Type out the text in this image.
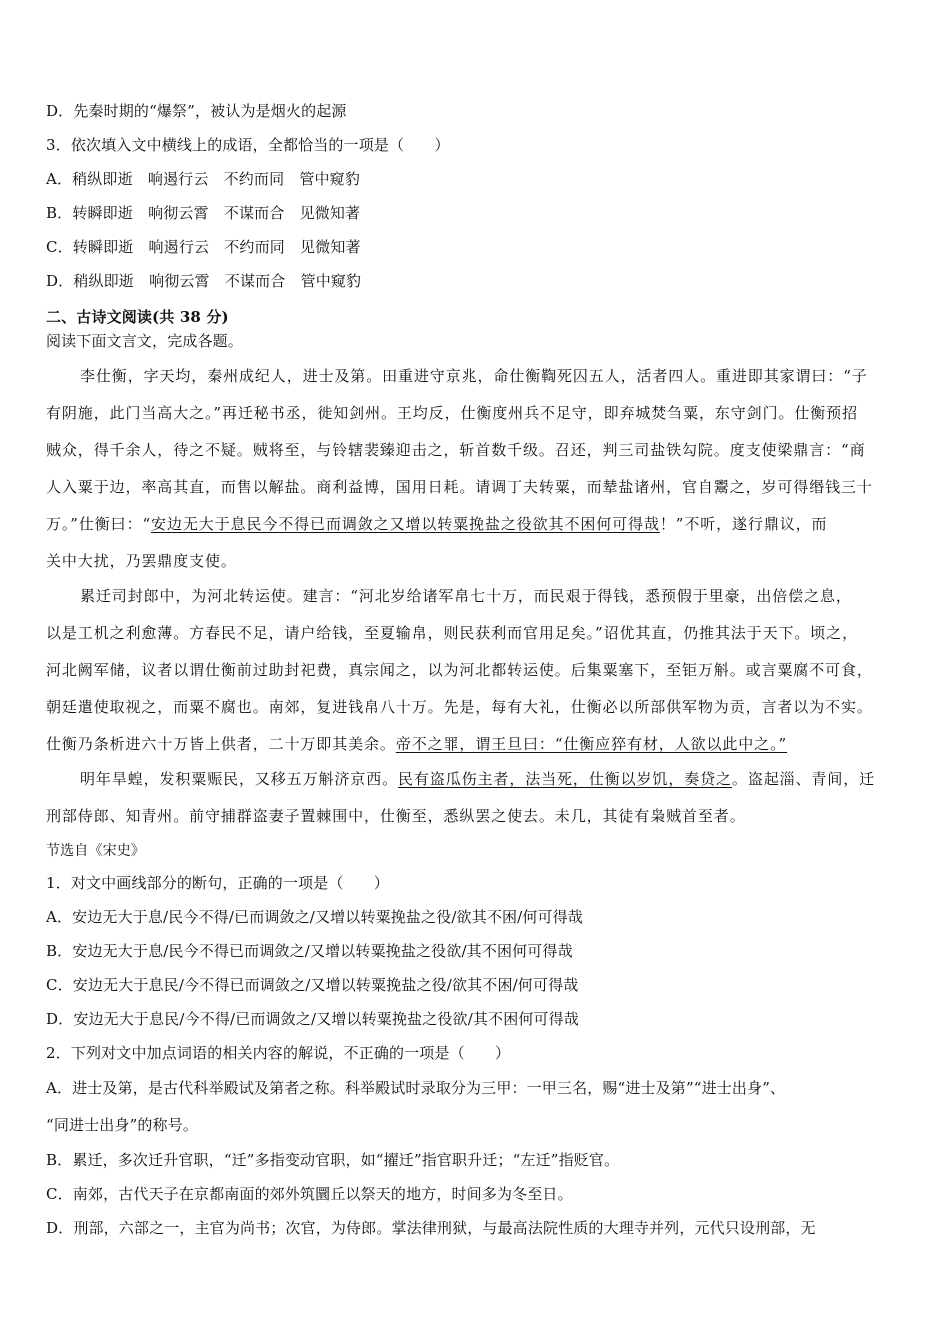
D．先秦时期的“爆祭”，被认为是烟火的起源
3．依次填入文中横线上的成语，全都恰当的一项是（　　）
A．稍纵即逝　响遏行云　不约而同　管中窥豹
B．转瞬即逝　响彻云霄　不谋而合　见微知著
C．转瞬即逝　响遏行云　不约而同　见微知著
D．稍纵即逝　响彻云霄　不谋而合　管中窥豹
二、古诗文阅读(共 38 分)
阅读下面文言文，完成各题。
李仕衡，字天均，秦州成纪人，进士及第。田重进守京兆，命仕衡鞫死囚五人，活者四人。重进即其家谓曰：“子
有阴施，此门当高大之。”再迁秘书丞，徙知剑州。王均反，仕衡度州兵不足守，即弃城焚刍粟，东守剑门。仕衡预招
贼众，得千余人，待之不疑。贼将至，与铃辖裴臻迎击之，斩首数千级。召还，判三司盐铁勾院。度支使梁鼎言：“商
人入粟于边，率高其直，而售以解盐。商利益博，国用日耗。请调丁夫转粟，而辇盐诸州，官自鬻之，岁可得缗钱三十
万。”仕衡曰：“安边无大于息民今不得已而调敛之又增以转粟挽盐之役欲其不困何可得哉！”不听，遂行鼎议，而
关中大扰，乃罢鼎度支使。
累迁司封郎中，为河北转运使。建言：“河北岁给诸军帛七十万，而民艰于得钱，悉预假于里豪，出倍偿之息，
以是工机之利愈薄。方春民不足，请户给钱，至夏输帛，则民获利而官用足矣。”诏优其直，仍推其法于天下。顷之，
河北阙军储，议者以谓仕衡前过助封祀费，真宗闻之，以为河北都转运使。后集粟塞下，至钜万斛。或言粟腐不可食，
朝廷遣使取视之，而粟不腐也。南郊，复进钱帛八十万。先是，每有大礼，仕衡必以所部供军物为贡，言者以为不实。
仕衡乃条析进六十万皆上供者，二十万即其美余。帝不之罪，谓王旦曰：“仕衡应猝有材，人欲以此中之。”
明年旱蝗，发积粟赈民，又移五万斛济京西。民有盗瓜伤主者，法当死，仕衡以岁饥，奏贷之。盗起淄、青间，迁
刑部侍郎、知青州。前守捕群盗妻子置棘围中，仕衡至，悉纵罢之使去。未几，其徒有枭贼首至者。
节选自《宋史》
1．对文中画线部分的断句，正确的一项是（　　）
A．安边无大于息/民今不得/已而调敛之/又增以转粟挽盐之役/欲其不困/何可得哉
B．安边无大于息/民今不得已而调敛之/又增以转粟挽盐之役欲/其不困何可得哉
C．安边无大于息民/今不得已而调敛之/又增以转粟挽盐之役/欲其不困/何可得哉
D．安边无大于息民/今不得/已而调敛之/又增以转粟挽盐之役欲/其不困何可得哉
2．下列对文中加点词语的相关内容的解说，不正确的一项是（　　）
A．进士及第，是古代科举殿试及第者之称。科举殿试时录取分为三甲：一甲三名，赐“进士及第”“进士出身”、
“同进士出身”的称号。
B．累迁，多次迁升官职，“迁”多指变动官职，如“擢迁”指官职升迁；“左迁”指贬官。
C．南郊，古代天子在京都南面的郊外筑圜丘以祭天的地方，时间多为冬至日。
D．刑部，六部之一，主官为尚书；次官，为侍郎。掌法律刑狱，与最高法院性质的大理寺并列，元代只设刑部，无
